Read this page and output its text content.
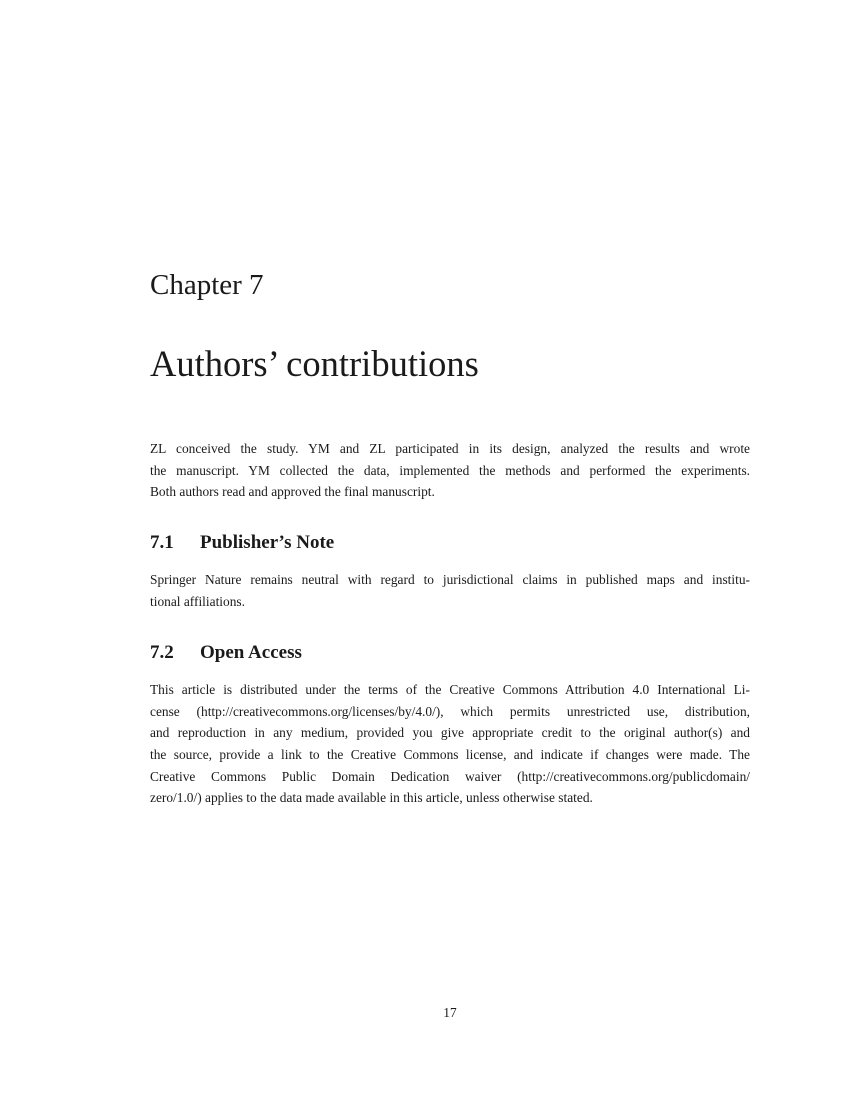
Chapter 7
Authors’ contributions
ZL conceived the study. YM and ZL participated in its design, analyzed the results and wrote
the manuscript. YM collected the data, implemented the methods and performed the experiments.
Both authors read and approved the final manuscript.
7.1 Publisher’s Note
Springer Nature remains neutral with regard to jurisdictional claims in published maps and institu-
tional affiliations.
7.2 Open Access
This article is distributed under the terms of the Creative Commons Attribution 4.0 International Li-
cense (http://creativecommons.org/licenses/by/4.0/), which permits unrestricted use, distribution,
and reproduction in any medium, provided you give appropriate credit to the original author(s) and
the source, provide a link to the Creative Commons license, and indicate if changes were made. The
Creative Commons Public Domain Dedication waiver (http://creativecommons.org/publicdomain/
zero/1.0/) applies to the data made available in this article, unless otherwise stated.
17
